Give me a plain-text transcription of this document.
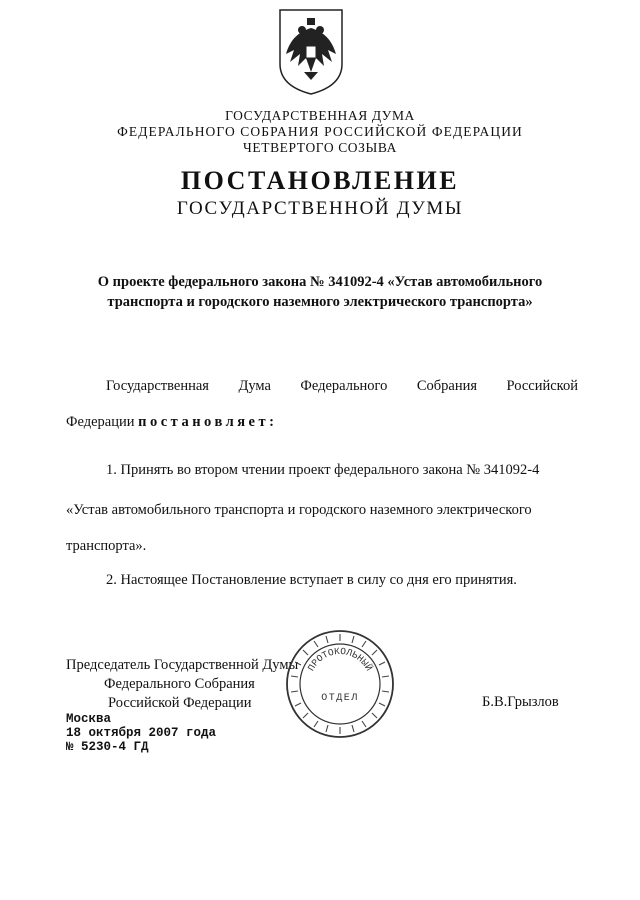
ГОСУДАРСТВЕННАЯ ДУМА
ФЕДЕРАЛЬНОГО СОБРАНИЯ РОССИЙСКОЙ ФЕДЕРАЦИИ
ЧЕТВЕРТОГО СОЗЫВА
ПОСТАНОВЛЕНИЕ
ГОСУДАРСТВЕННОЙ ДУМЫ
О проекте федерального закона № 341092-4 «Устав автомобильного
транспорта и городского наземного электрического транспорта»
Государственная Дума Федерального Собрания Российской
Федерации постановляет:
1. Принять во втором чтении проект федерального закона № 341092-4
«Устав автомобильного транспорта и городского наземного электрического
транспорта».
2. Настоящее Постановление вступает в силу со дня его принятия.
Председатель Государственной Думы
Федерального Собрания
Российской Федерации	Б.В.Грызлов
Москва
18 октября 2007 года
№ 5230-4 ГД
ПРОТОКОЛЬНЫЙ
ОТДЕЛ
